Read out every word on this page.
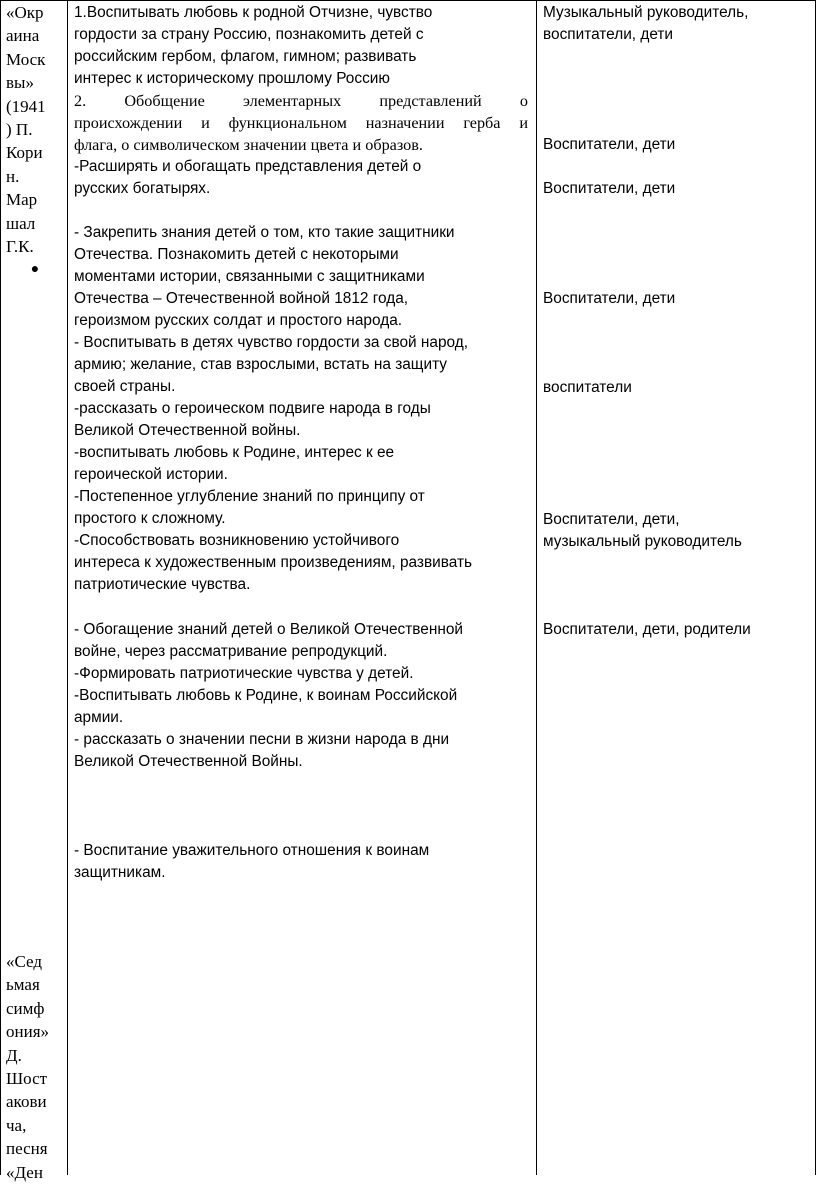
«Окр
аина
Моск
вы»
(1941
) П.
Кори
н.
Мар
шал
Г.К.
●
«Сед
ьмая
симф
ония»
Д.
Шост
акови
ча,
песня
«Ден
1.Воспитывать любовь к родной Отчизне, чувство
гордости за страну Россию, познакомить детей с
российским гербом, флагом, гимном; развивать
интерес к историческому прошлому Россию
2. Обобщение элементарных представлений о
происхождении и функциональном назначении герба и
флага, о символическом значении цвета и образов.
-Расширять и обогащать представления детей о
русских богатырях.
- Закрепить знания детей о том, кто такие защитники
Отечества. Познакомить детей с некоторыми
моментами истории, связанными с защитниками
Отечества – Отечественной войной 1812 года,
героизмом русских солдат и простого народа.
- Воспитывать в детях чувство гордости за свой народ,
армию; желание, став взрослыми, встать на защиту
своей страны.
-рассказать о героическом подвиге народа в годы
Великой Отечественной войны.
-воспитывать любовь к Родине, интерес к ее
героической истории.
-Постепенное углубление знаний по принципу от
простого к сложному.
-Способствовать возникновению устойчивого
интереса к художественным произведениям, развивать
патриотические чувства.
- Обогащение знаний детей о Великой Отечественной
войне, через рассматривание репродукций.
-Формировать патриотические чувства у детей.
-Воспитывать любовь к Родине, к воинам Российской
армии.
- рассказать о значении песни в жизни народа в дни
Великой Отечественной Войны.
- Воспитание уважительного отношения к воинам
защитникам.
Музыкальный руководитель,
воспитатели, дети
Воспитатели, дети
Воспитатели, дети
Воспитатели, дети
воспитатели
Воспитатели, дети,
музыкальный руководитель
Воспитатели, дети, родители
